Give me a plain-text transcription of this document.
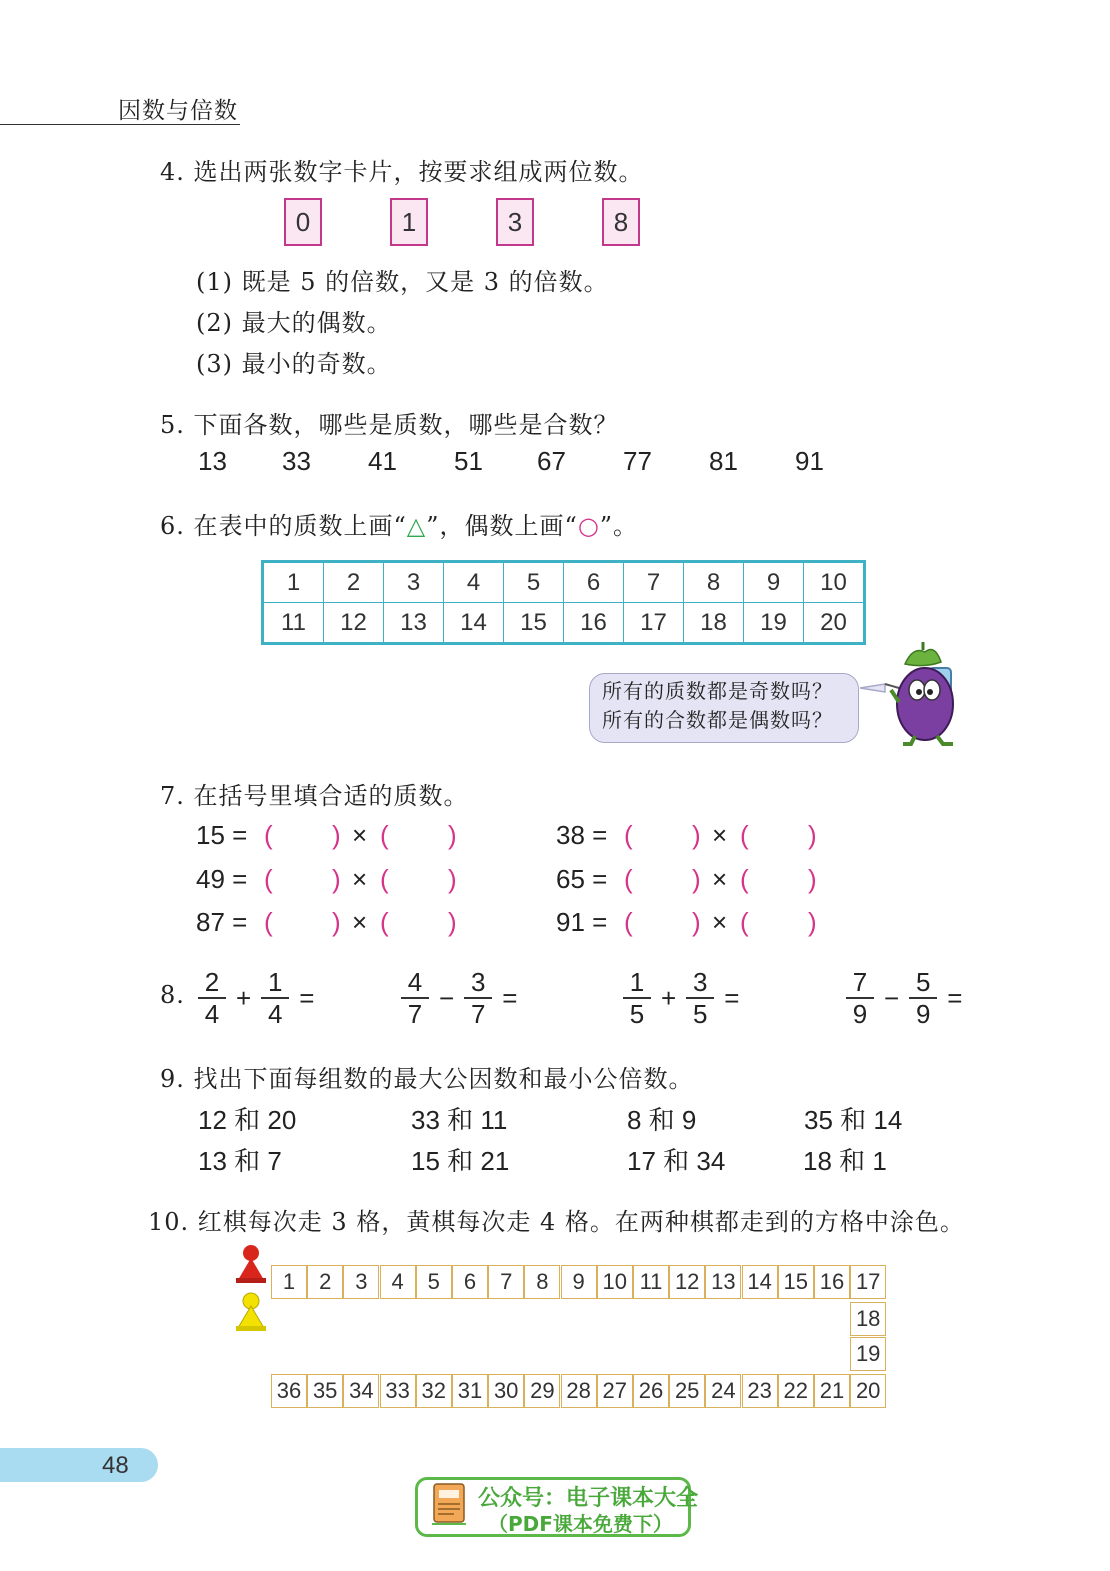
因数与倍数
4. 选出两张数字卡片，按要求组成两位数。
0	1	3	8
(1) 既是 5 的倍数，又是 3 的倍数。
(2) 最大的偶数。
(3) 最小的奇数。
5. 下面各数，哪些是质数，哪些是合数？
13 33 41 51 67 77 81 91
6. 在表中的质数上画“△”，偶数上画“○”。
1	2	3	4	5	6	7	8	9	10
11	12	13	14	15	16	17	18	19	20
所有的质数都是奇数吗？
所有的合数都是偶数吗？
7. 在括号里填合适的质数。
15 = ( ) × ( )	38 = ( ) × ( )
49 = ( ) × ( )	65 = ( ) × ( )
87 = ( ) × ( )	91 = ( ) × ( )
8. $\frac{2}{4} + \frac{1}{4}$ =	$\frac{4}{7} - \frac{3}{7}$ =	$\frac{1}{5} + \frac{3}{5}$ =	$\frac{7}{9} - \frac{5}{9}$ =
9. 找出下面每组数的最大公因数和最小公倍数。
12 和 20	33 和 11	8 和 9	35 和 14
13 和 7	15 和 21	17 和 34	18 和 1
10. 红棋每次走 3 格，黄棋每次走 4 格。在两种棋都走到的方格中涂色。
1	2	3	4	5	6	7	8	9 10 11 12 13 14 15 16 17
18
19
36 35 34 33 32 31 30 29 28 27 26 25 24 23 22 21 20
48
公众号：电子课本大全
（PDF课本免费下）
